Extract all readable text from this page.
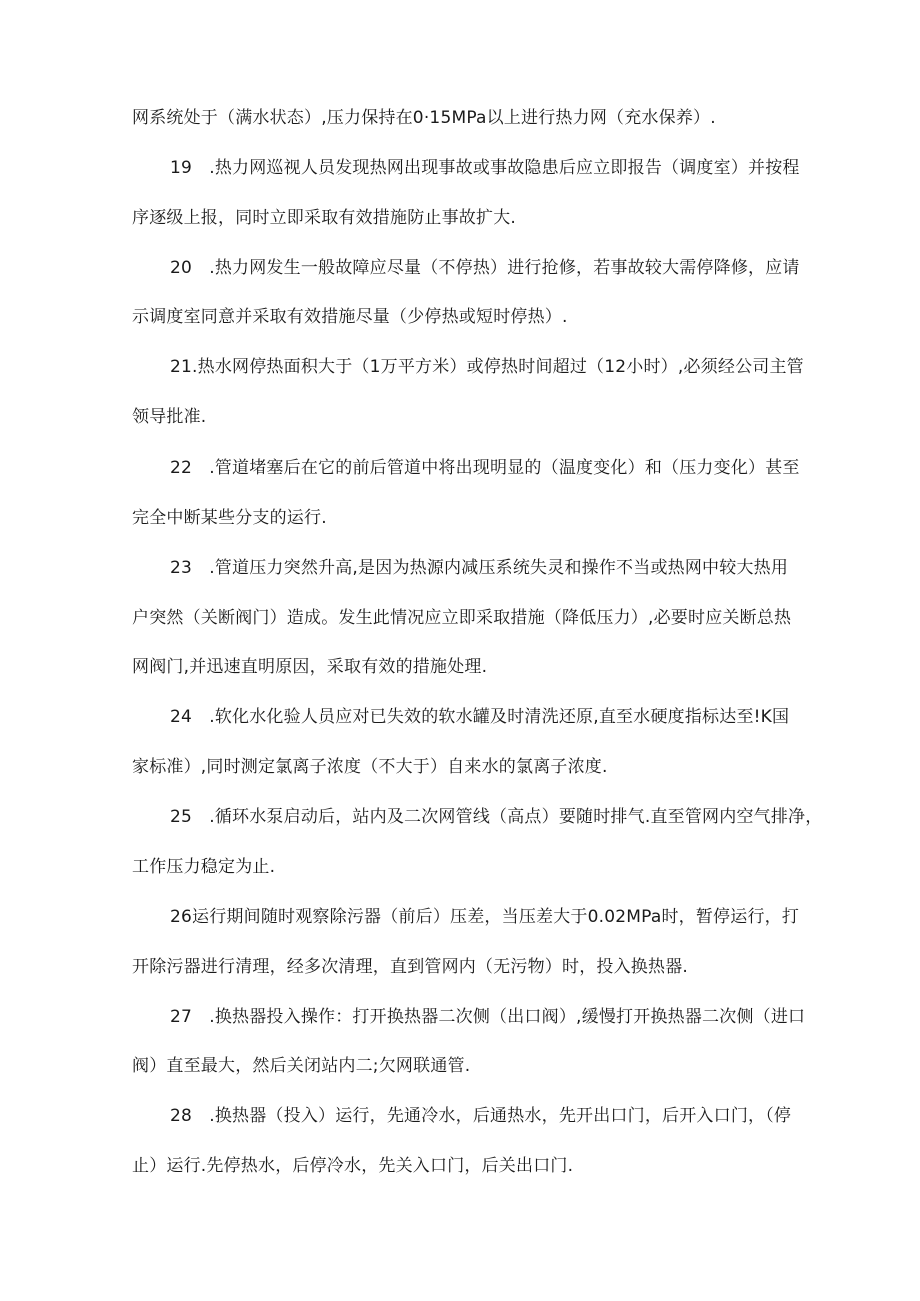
网系统处于（满水状态）,压力保持在0·15MPa以上进行热力网（充水保养）.
19　.热力网巡视人员发现热网出现事故或事故隐患后应立即报告（调度室）并按程
序逐级上报，同时立即采取有效措施防止事故扩大.
20　.热力网发生一般故障应尽量（不停热）进行抢修，若事故较大需停降修，应请
示调度室同意并采取有效措施尽量（少停热或短时停热）.
21.热水网停热面积大于（1万平方米）或停热时间超过（12小时）,必须经公司主管
领导批准.
22　.管道堵塞后在它的前后管道中将出现明显的（温度变化）和（压力变化）甚至
完全中断某些分支的运行.
23　.管道压力突然升高,是因为热源内减压系统失灵和操作不当或热网中较大热用
户突然（关断阀门）造成。发生此情况应立即采取措施（降低压力）,必要时应关断总热
网阀门,并迅速直明原因，采取有效的措施处理.
24　.软化水化验人员应对已失效的软水罐及时清洗还原,直至水硬度指标达至!K国
家标准）,同时测定氯离子浓度（不大于）自来水的氯离子浓度.
25　.循环水泵启动后，站内及二次网管线（高点）要随时排气.直至管网内空气排净，
工作压力稳定为止.
26运行期间随时观察除污器（前后）压差，当压差大于0.02MPa时，暂停运行，打
开除污器进行清理，经多次清理，直到管网内（无污物）时，投入换热器.
27　.换热器投入操作：打开换热器二次侧（出口阀）,缓慢打开换热器二次侧（进口
阀）直至最大，然后关闭站内二;欠网联通管.
28　.换热器（投入）运行，先通冷水，后通热水，先开出口门，后开入口门，（停
止）运行.先停热水，后停冷水，先关入口门，后关出口门.
